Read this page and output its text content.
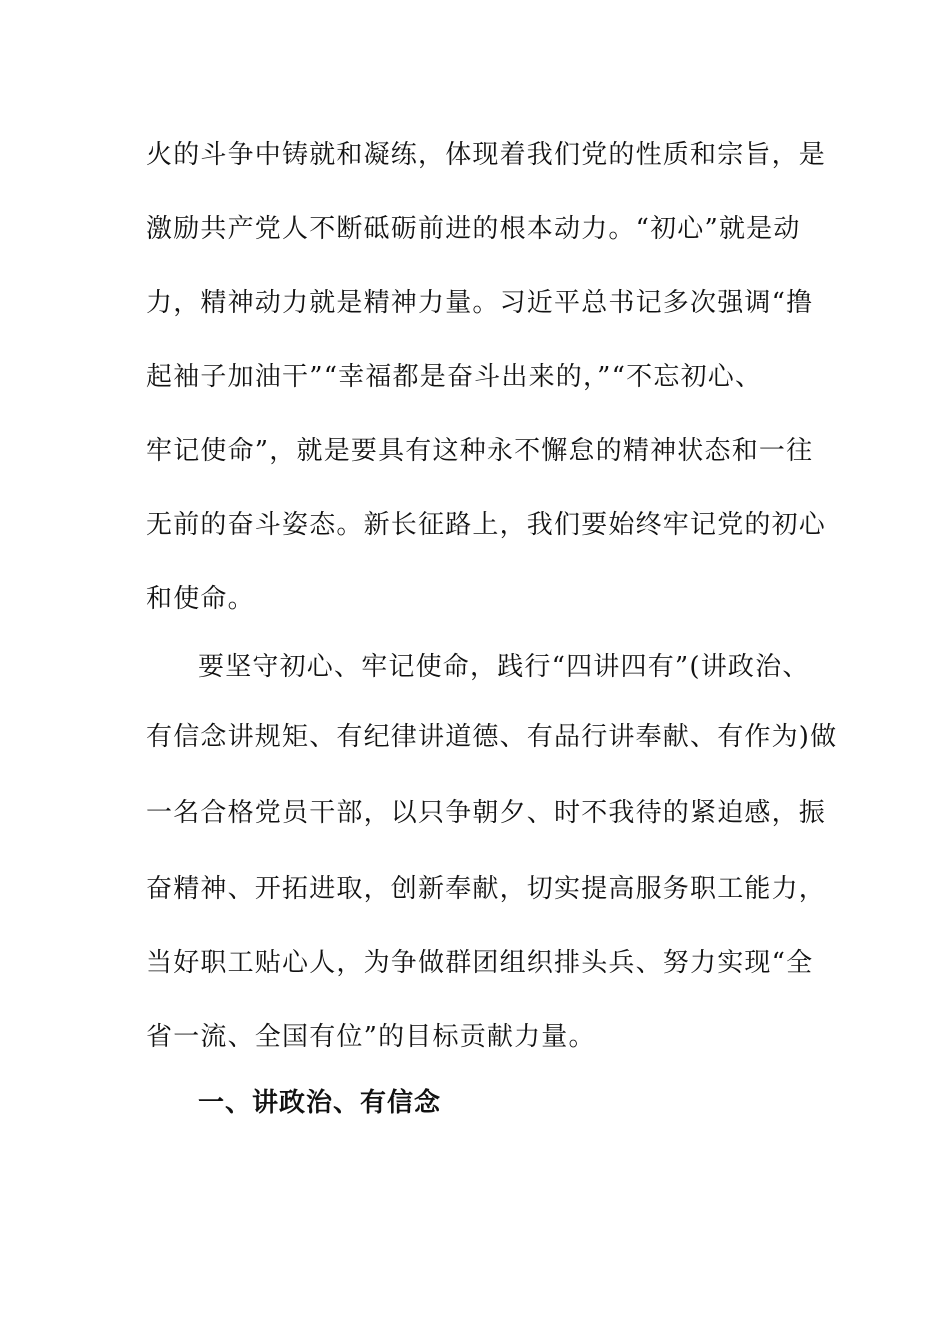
火的斗争中铸就和凝练，体现着我们党的性质和宗旨，是
激励共产党人不断砥砺前进的根本动力。“初心”就是动
力，精神动力就是精神力量。习近平总书记多次强调“撸
起袖子加油干”“幸福都是奋斗出来的，”“不忘初心、
牢记使命”，就是要具有这种永不懈怠的精神状态和一往
无前的奋斗姿态。新长征路上，我们要始终牢记党的初心
和使命。
要坚守初心、牢记使命，践行“四讲四有”(讲政治、
有信念讲规矩、有纪律讲道德、有品行讲奉献、有作为)做
一名合格党员干部，以只争朝夕、时不我待的紧迫感，振
奋精神、开拓进取，创新奉献，切实提高服务职工能力，
当好职工贴心人，为争做群团组织排头兵、努力实现“全
省一流、全国有位”的目标贡献力量。
一、讲政治、有信念
